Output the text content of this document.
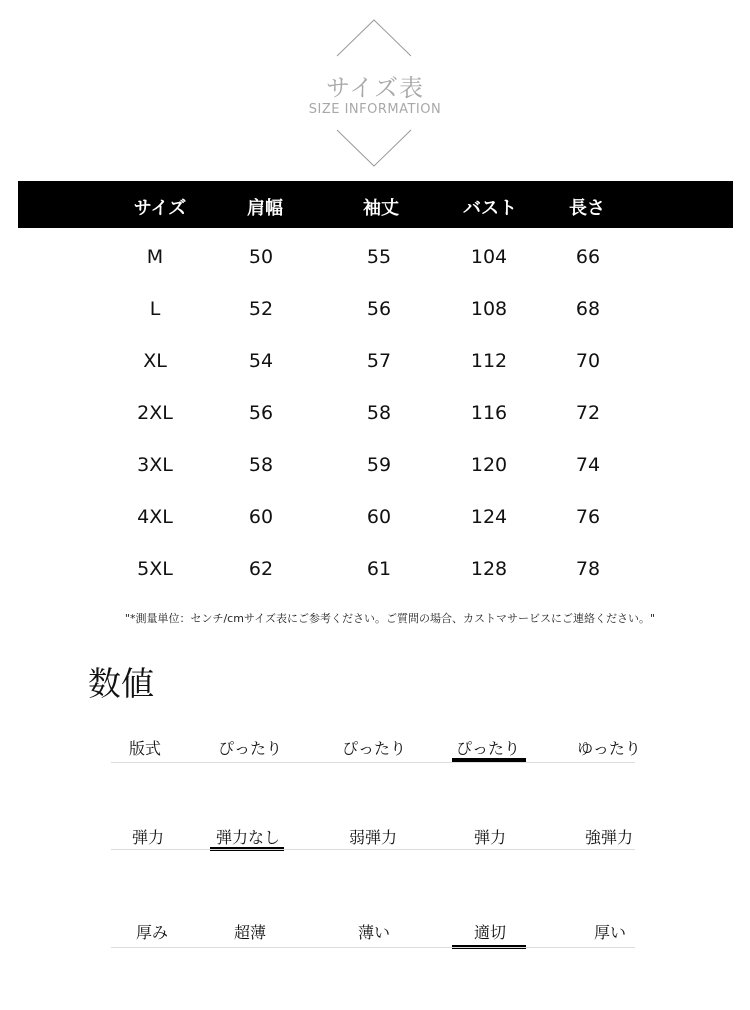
サイズ表
SIZE INFORMATION
サイズ	肩幅	袖丈	バスト	長さ
M	50	55	104	66
L	52	56	108	68
XL	54	57	112	70
2XL	56	58	116	72
3XL	58	59	120	74
4XL	60	60	124	76
5XL	62	61	128	78
"*測量単位：センチ/cmサイズ表にご参考ください。ご質問の場合、カストマサービスにご連絡ください。"
数値
版式	ぴったり	ぴったり	ぴったり	ゆったり
弾力	弾力なし	弱弾力	弾力	強弾力
厚み	超薄	薄い	適切	厚い
